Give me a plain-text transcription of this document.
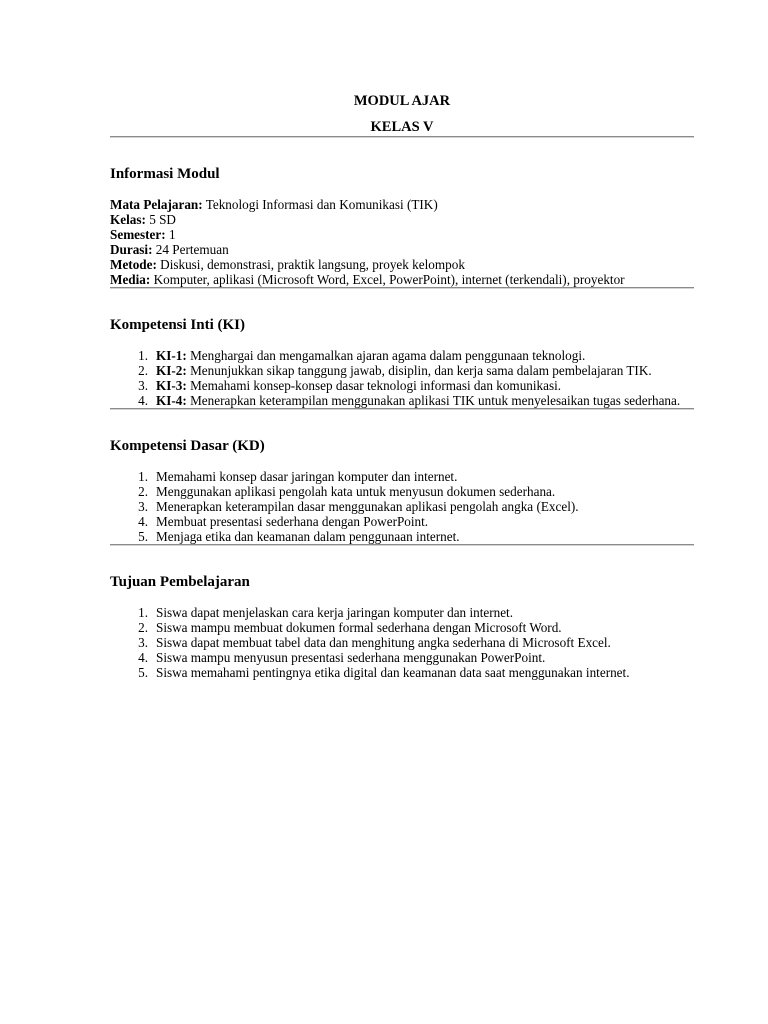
MODUL AJAR
KELAS V
Informasi Modul
Mata Pelajaran: Teknologi Informasi dan Komunikasi (TIK)
Kelas: 5 SD
Semester: 1
Durasi: 24 Pertemuan
Metode: Diskusi, demonstrasi, praktik langsung, proyek kelompok
Media: Komputer, aplikasi (Microsoft Word, Excel, PowerPoint), internet (terkendali), proyektor
Kompetensi Inti (KI)
1. KI-1: Menghargai dan mengamalkan ajaran agama dalam penggunaan teknologi.
2. KI-2: Menunjukkan sikap tanggung jawab, disiplin, dan kerja sama dalam pembelajaran TIK.
3. KI-3: Memahami konsep-konsep dasar teknologi informasi dan komunikasi.
4. KI-4: Menerapkan keterampilan menggunakan aplikasi TIK untuk menyelesaikan tugas sederhana.
Kompetensi Dasar (KD)
1. Memahami konsep dasar jaringan komputer dan internet.
2. Menggunakan aplikasi pengolah kata untuk menyusun dokumen sederhana.
3. Menerapkan keterampilan dasar menggunakan aplikasi pengolah angka (Excel).
4. Membuat presentasi sederhana dengan PowerPoint.
5. Menjaga etika dan keamanan dalam penggunaan internet.
Tujuan Pembelajaran
1. Siswa dapat menjelaskan cara kerja jaringan komputer dan internet.
2. Siswa mampu membuat dokumen formal sederhana dengan Microsoft Word.
3. Siswa dapat membuat tabel data dan menghitung angka sederhana di Microsoft Excel.
4. Siswa mampu menyusun presentasi sederhana menggunakan PowerPoint.
5. Siswa memahami pentingnya etika digital dan keamanan data saat menggunakan internet.
